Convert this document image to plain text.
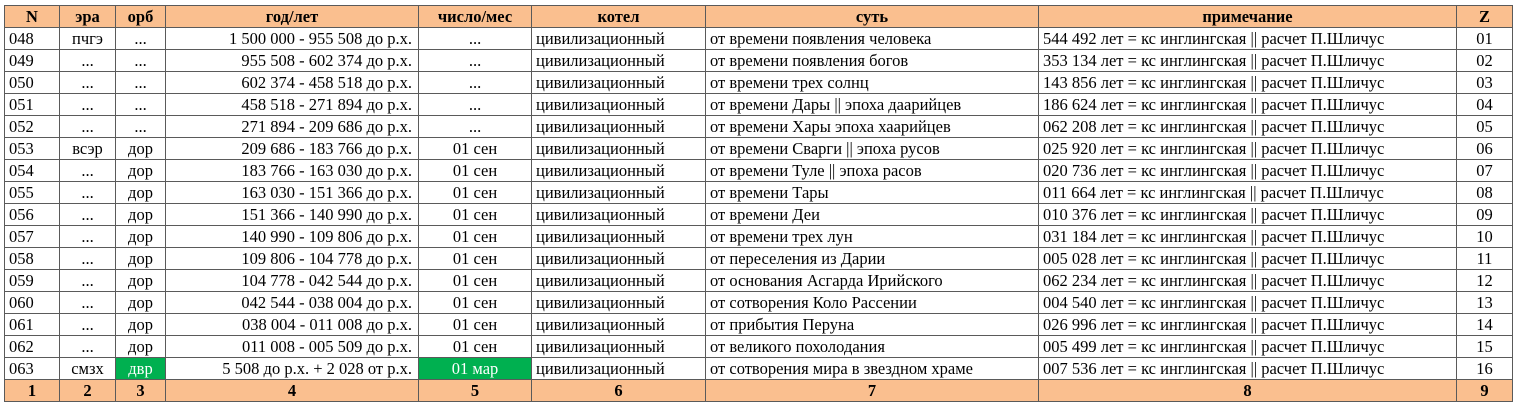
N	эра	орб	год/лет	число/мес	котел	суть	примечание	Z
048	пчгэ	...	1 500 000 - 955 508 до р.х.	...	цивилизационный	от времени появления человека	544 492 лет = кс инглингская || расчет П.Шличус	01
049	...	...	955 508 - 602 374 до р.х.	...	цивилизационный	от времени появления богов	353 134 лет = кс инглингская || расчет П.Шличус	02
050	...	...	602 374 - 458 518 до р.х.	...	цивилизационный	от времени трех солнц	143 856 лет = кс инглингская || расчет П.Шличус	03
051	...	...	458 518 - 271 894 до р.х.	...	цивилизационный	от времени Дары || эпоха даарийцев	186 624 лет = кс инглингская || расчет П.Шличус	04
052	...	...	271 894 - 209 686 до р.х.	...	цивилизационный	от времени Хары эпоха хаарийцев	062 208 лет = кс инглингская || расчет П.Шличус	05
053	всэр	дор	209 686 - 183 766 до р.х.	01 сен	цивилизационный	от времени Сварги || эпоха русов	025 920 лет = кс инглингская || расчет П.Шличус	06
054	...	дор	183 766 - 163 030 до р.х.	01 сен	цивилизационный	от времени Туле || эпоха расов	020 736 лет = кс инглингская || расчет П.Шличус	07
055	...	дор	163 030 - 151 366 до р.х.	01 сен	цивилизационный	от времени Тары	011 664 лет = кс инглингская || расчет П.Шличус	08
056	...	дор	151 366 - 140 990 до р.х.	01 сен	цивилизационный	от времени Деи	010 376 лет = кс инглингская || расчет П.Шличус	09
057	...	дор	140 990 - 109 806 до р.х.	01 сен	цивилизационный	от времени трех лун	031 184 лет = кс инглингская || расчет П.Шличус	10
058	...	дор	109 806 - 104 778 до р.х.	01 сен	цивилизационный	от переселения из Дарии	005 028 лет = кс инглингская || расчет П.Шличус	11
059	...	дор	104 778 - 042 544 до р.х.	01 сен	цивилизационный	от основания Асгарда Ирийского	062 234 лет = кс инглингская || расчет П.Шличус	12
060	...	дор	042 544 - 038 004 до р.х.	01 сен	цивилизационный	от сотворения Коло Рассении	004 540 лет = кс инглингская || расчет П.Шличус	13
061	...	дор	038 004 - 011 008 до р.х.	01 сен	цивилизационный	от прибытия Перуна	026 996 лет = кс инглингская || расчет П.Шличус	14
062	...	дор	011 008 - 005 509 до р.х.	01 сен	цивилизационный	от великого похолодания	005 499 лет = кс инглингская || расчет П.Шличус	15
063	смзх	двр	5 508 до р.х. + 2 028 от р.х.	01 мар	цивилизационный	от сотворения мира в звездном храме	007 536 лет = кс инглингская || расчет П.Шличус	16
1	2	3	4	5	6	7	8	9
